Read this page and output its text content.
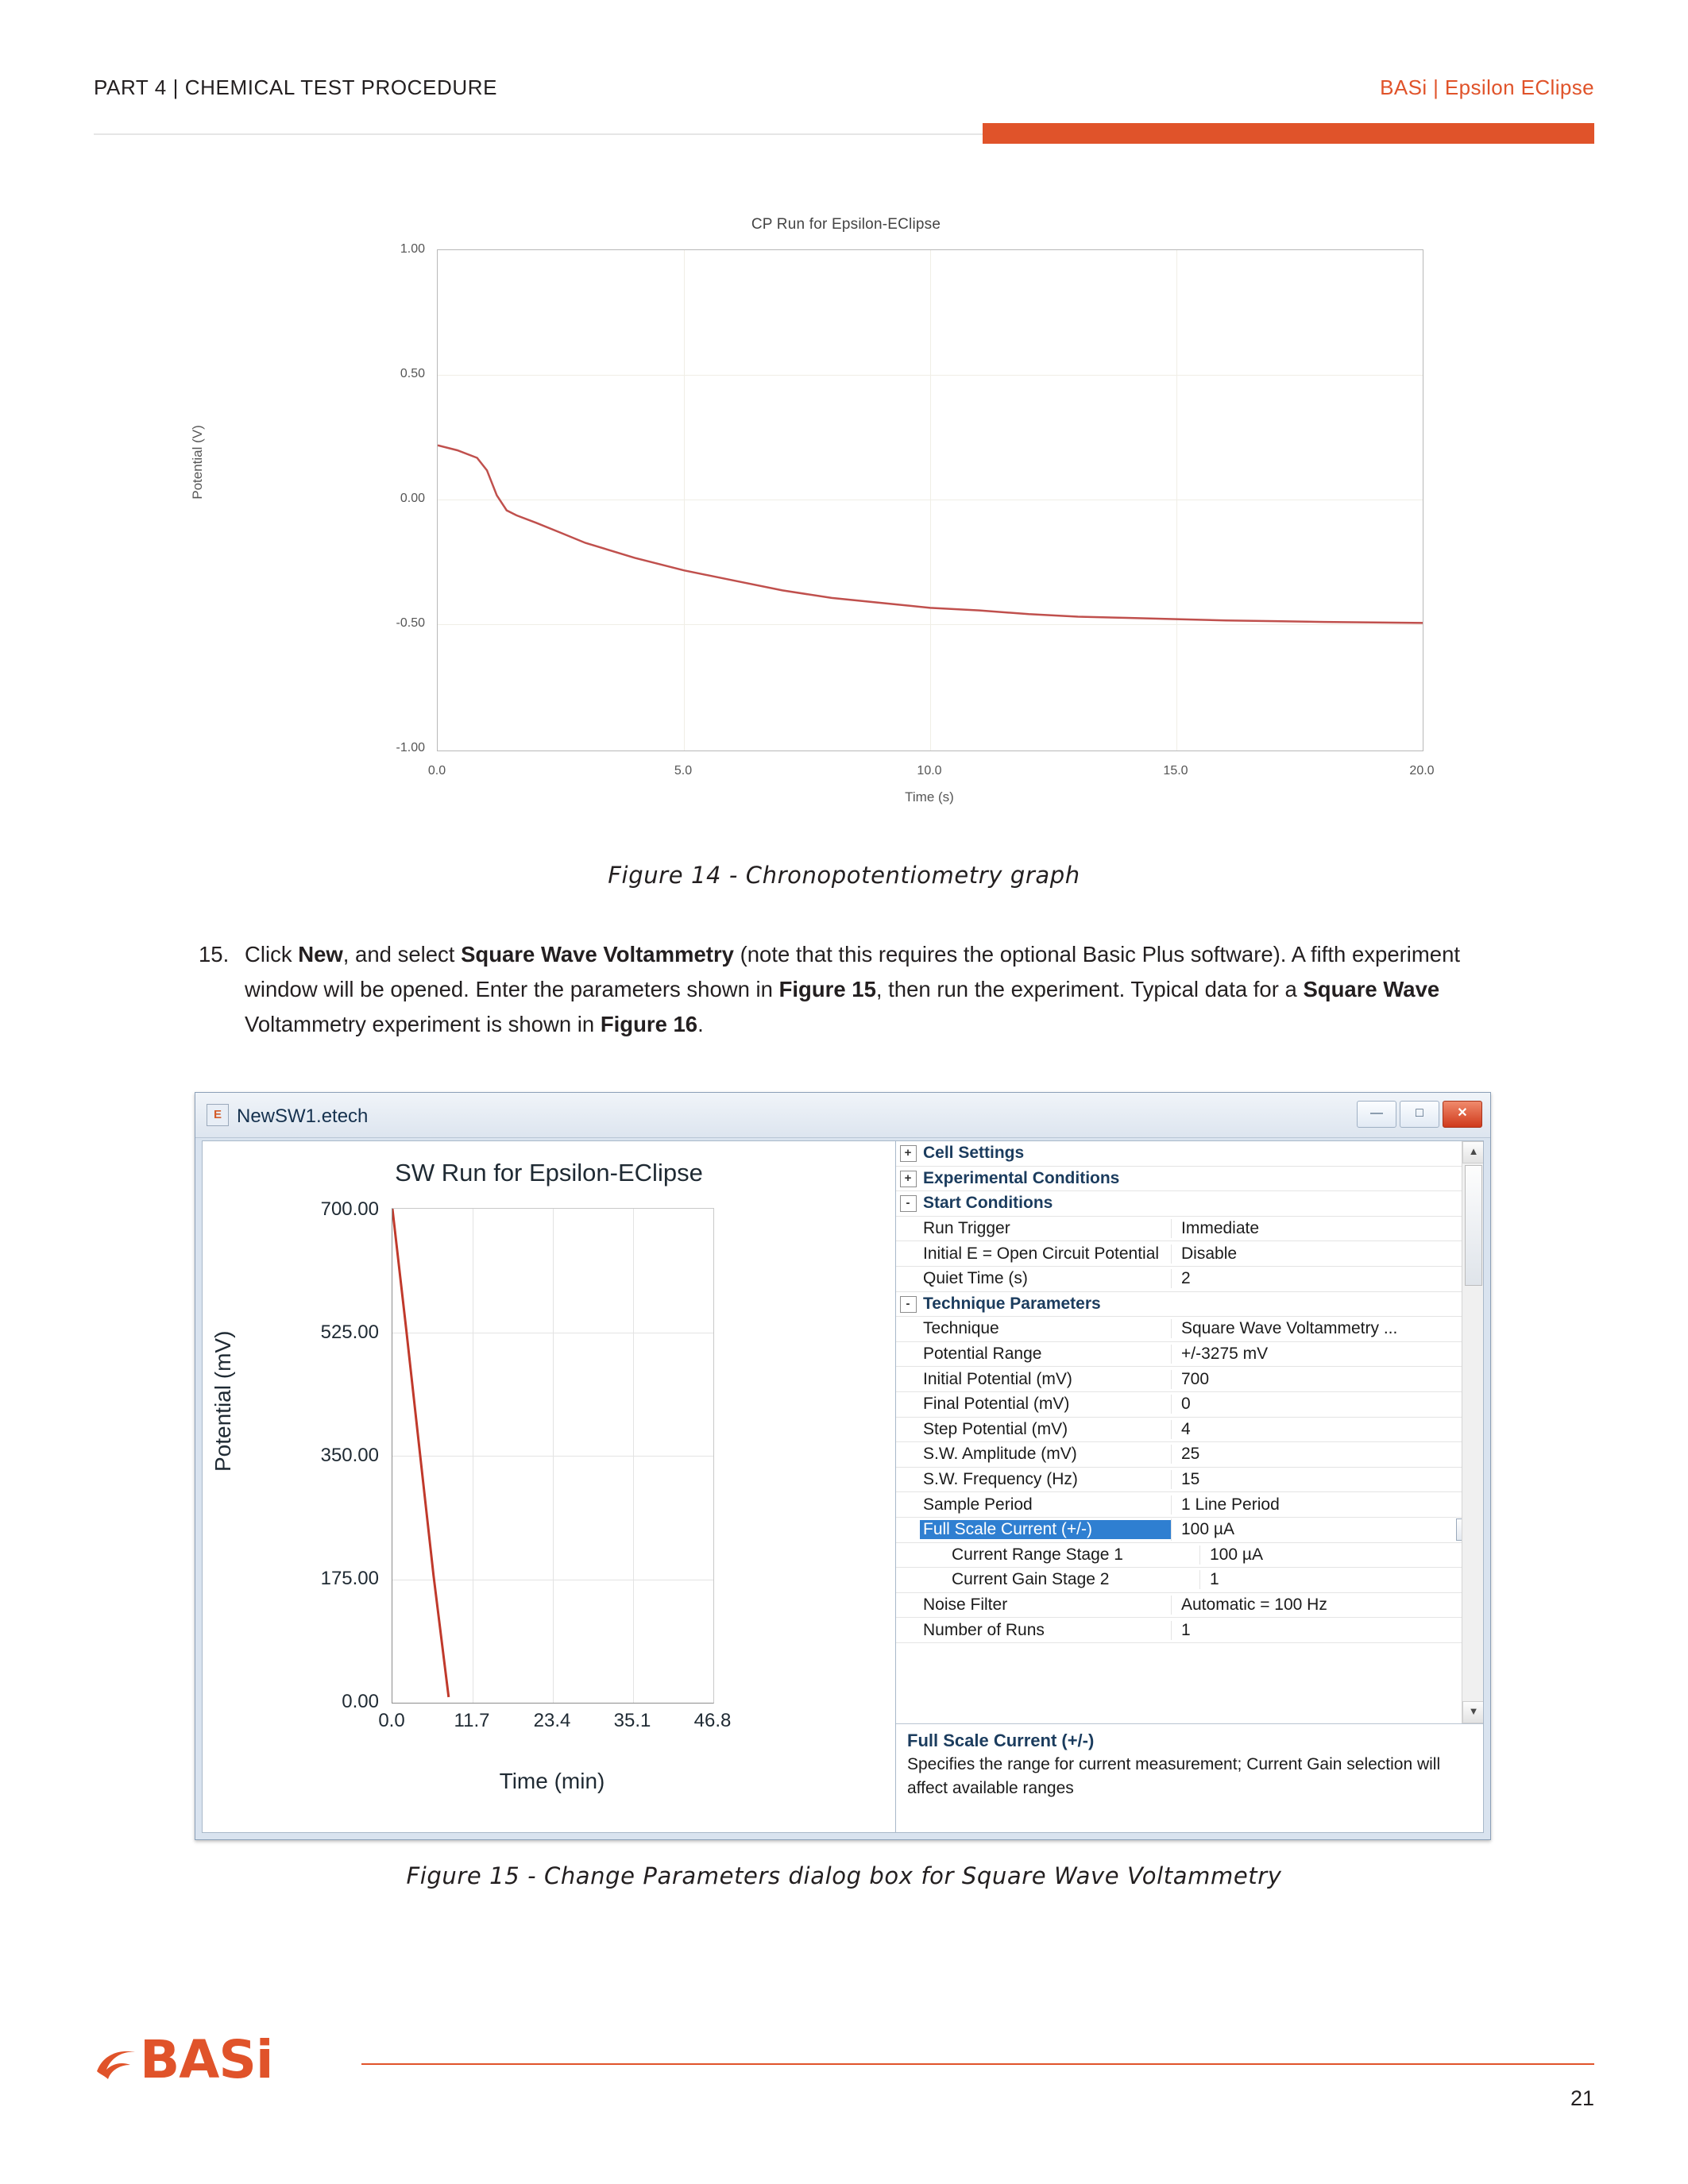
PART 4 | CHEMICAL TEST PROCEDURE	BASi | Epsilon EClipse
CP Run for Epsilon-EClipse
Potential (V)
1.00
0.50
0.00
-0.50
-1.00
0.0	5.0	10.0	15.0	20.0
Time (s)
Figure 14 - Chronopotentiometry graph
15. Click New, and select Square Wave Voltammetry (note that this requires the optional Basic Plus software). A fifth experiment window will be opened. Enter the parameters shown in Figure 15, then run the experiment. Typical data for a Square Wave Voltammetry experiment is shown in Figure 16.
E NewSW1.etech	—	□	✕
SW Run for Epsilon-EClipse
Potential (mV)
700.00
525.00
350.00
175.00
0.00
0.0	11.7	23.4	35.1	46.8
Time (min)
+ Cell Settings
+ Experimental Conditions
- Start Conditions
Run Trigger	Immediate
Initial E = Open Circuit Potential	Disable
Quiet Time (s)	2
- Technique Parameters
Technique	Square Wave Voltammetry ...
Potential Range	+/-3275 mV
Initial Potential (mV)	700
Final Potential (mV)	0
Step Potential (mV)	4
S.W. Amplitude (mV)	25
S.W. Frequency (Hz)	15
Sample Period	1 Line Period
Full Scale Current (+/-)	100 µA
Current Range Stage 1	100 µA
Current Gain Stage 2	1
Noise Filter	Automatic = 100 Hz
Number of Runs	1
▲
▼
Full Scale Current (+/-)
Specifies the range for current measurement; Current Gain selection will affect available ranges
Figure 15 - Change Parameters dialog box for Square Wave Voltammetry
BASi
21
